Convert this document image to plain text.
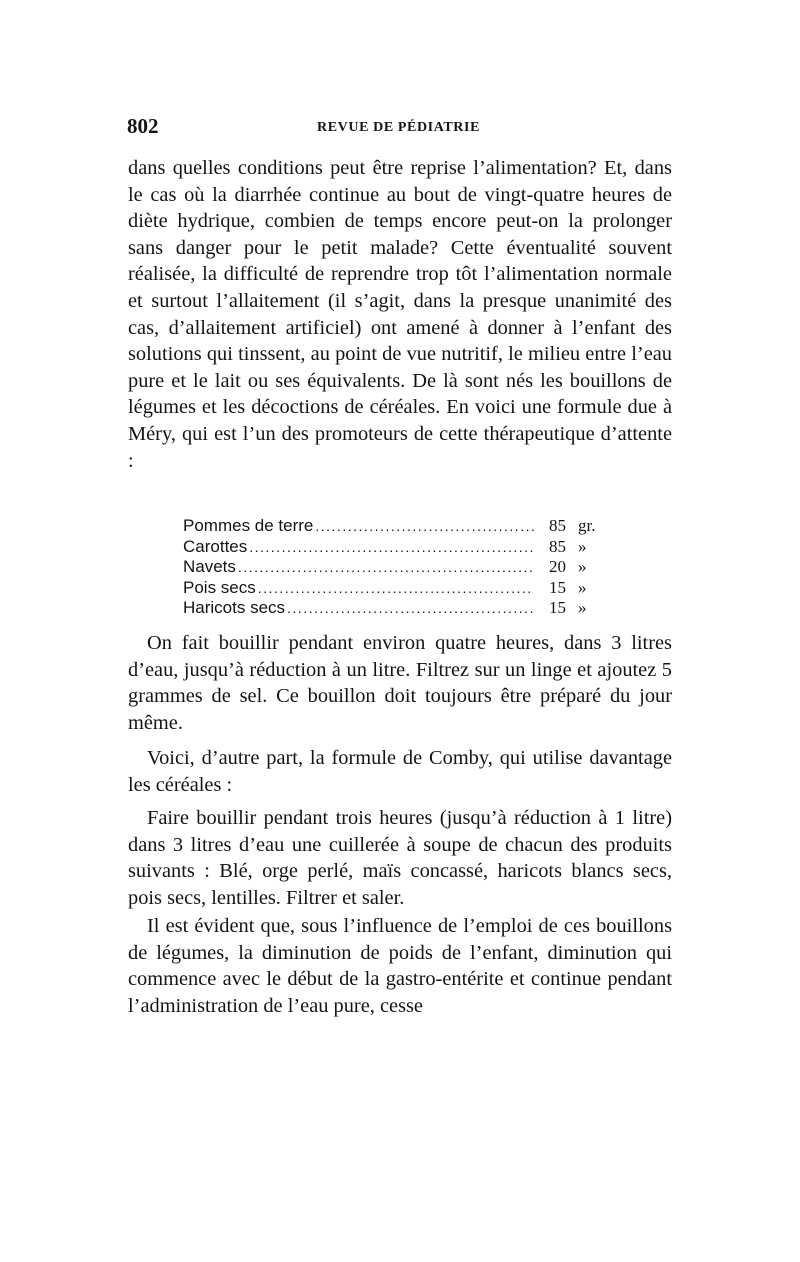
802	REVUE DE PÉDIATRIE

dans quelles conditions peut être reprise l’alimentation? Et, dans le cas où la diarrhée continue au bout de vingt-quatre heures de diète hydrique, combien de temps encore peut-on la prolonger sans danger pour le petit malade? Cette éventualité souvent réalisée, la difficulté de reprendre trop tôt l’alimentation normale et surtout l’allaitement (il s’agit, dans la presque unanimité des cas, d’allaitement artificiel) ont amené à donner à l’enfant des solutions qui tinssent, au point de vue nutritif, le milieu entre l’eau pure et le lait ou ses équivalents. De là sont nés les bouillons de légumes et les décoctions de céréales. En voici une formule due à Méry, qui est l’un des promoteurs de cette thérapeutique d’attente :

Pommes de terre .....	85 gr.
Carottes .....	85 »
Navets .....	20 »
Pois secs .....	15 »
Haricots secs .....	15 »

On fait bouillir pendant environ quatre heures, dans 3 litres d’eau, jusqu’à réduction à un litre. Filtrez sur un linge et ajoutez 5 grammes de sel. Ce bouillon doit toujours être préparé du jour même.

Voici, d’autre part, la formule de Comby, qui utilise davantage les céréales :

Faire bouillir pendant trois heures (jusqu’à réduction à 1 litre) dans 3 litres d’eau une cuillerée à soupe de chacun des produits suivants : Blé, orge perlé, maïs concassé, haricots blancs secs, pois secs, lentilles. Filtrer et saler.

Il est évident que, sous l’influence de l’emploi de ces bouillons de légumes, la diminution de poids de l’enfant, diminution qui commence avec le début de la gastro-entérite et continue pendant l’administration de l’eau pure, cesse
